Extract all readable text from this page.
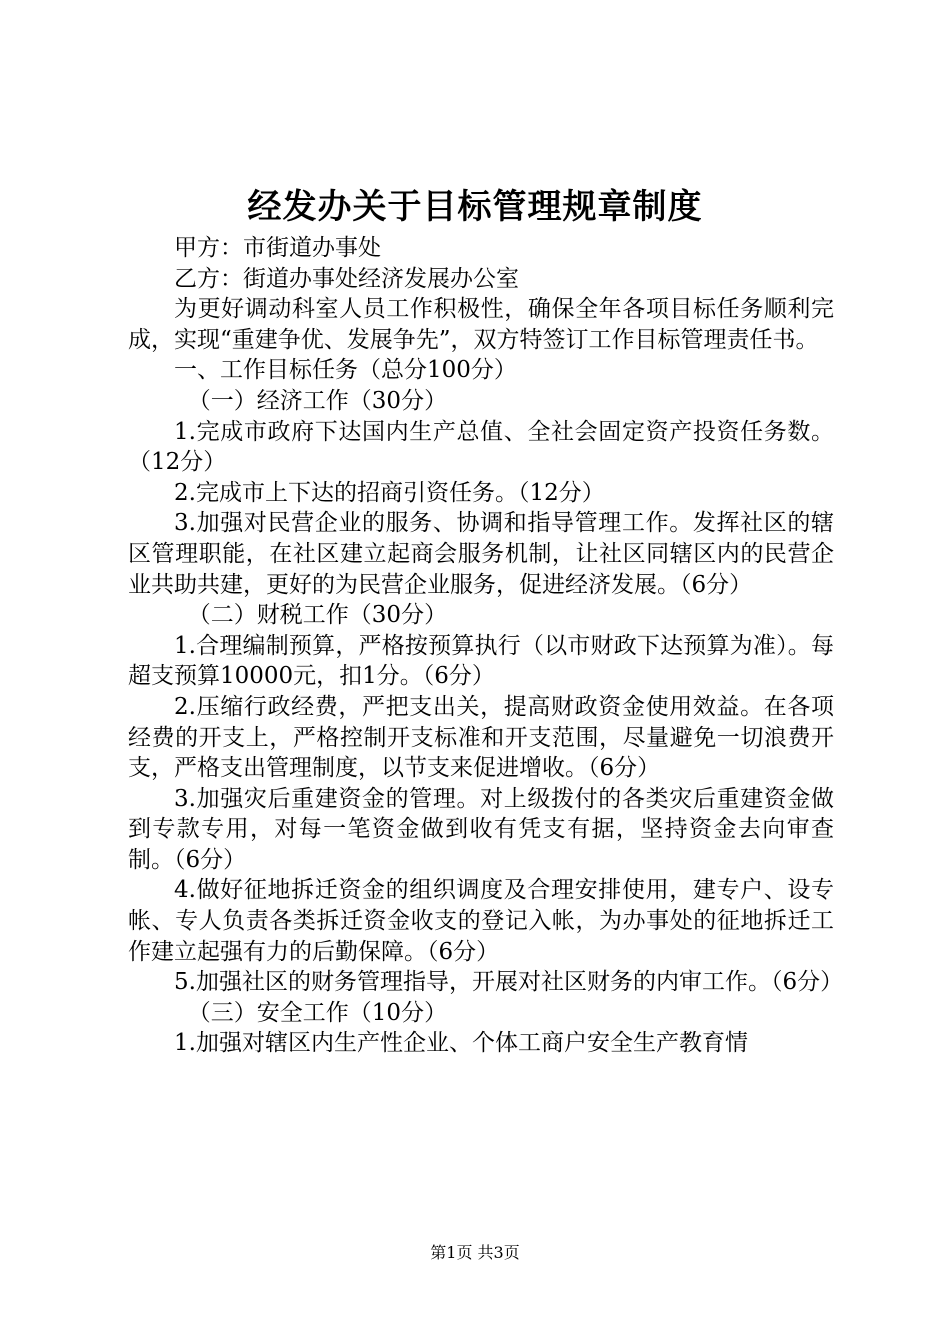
经发办关于目标管理规章制度

甲方：市街道办事处

乙方：街道办事处经济发展办公室

为更好调动科室人员工作积极性，确保全年各项目标任务顺利完成，实现“重建争优、发展争先”，双方特签订工作目标管理责任书。

一、工作目标任务（总分100分）

（一）经济工作（30分）

1.完成市政府下达国内生产总值、全社会固定资产投资任务数。（12分）

2.完成市上下达的招商引资任务。（12分）

3.加强对民营企业的服务、协调和指导管理工作。发挥社区的辖区管理职能，在社区建立起商会服务机制，让社区同辖区内的民营企业共助共建，更好的为民营企业服务，促进经济发展。（6分）

（二）财税工作（30分）

1.合理编制预算，严格按预算执行（以市财政下达预算为准）。每超支预算10000元，扣1分。（6分）

2.压缩行政经费，严把支出关，提高财政资金使用效益。在各项经费的开支上，严格控制开支标准和开支范围，尽量避免一切浪费开支，严格支出管理制度，以节支来促进增收。（6分）

3.加强灾后重建资金的管理。对上级拨付的各类灾后重建资金做到专款专用，对每一笔资金做到收有凭支有据，坚持资金去向审查制。（6分）

4.做好征地拆迁资金的组织调度及合理安排使用，建专户、设专帐、专人负责各类拆迁资金收支的登记入帐，为办事处的征地拆迁工作建立起强有力的后勤保障。（6分）

5.加强社区的财务管理指导，开展对社区财务的内审工作。（6分）

（三）安全工作（10分）

1.加强对辖区内生产性企业、个体工商户安全生产教育情

第1页 共3页
